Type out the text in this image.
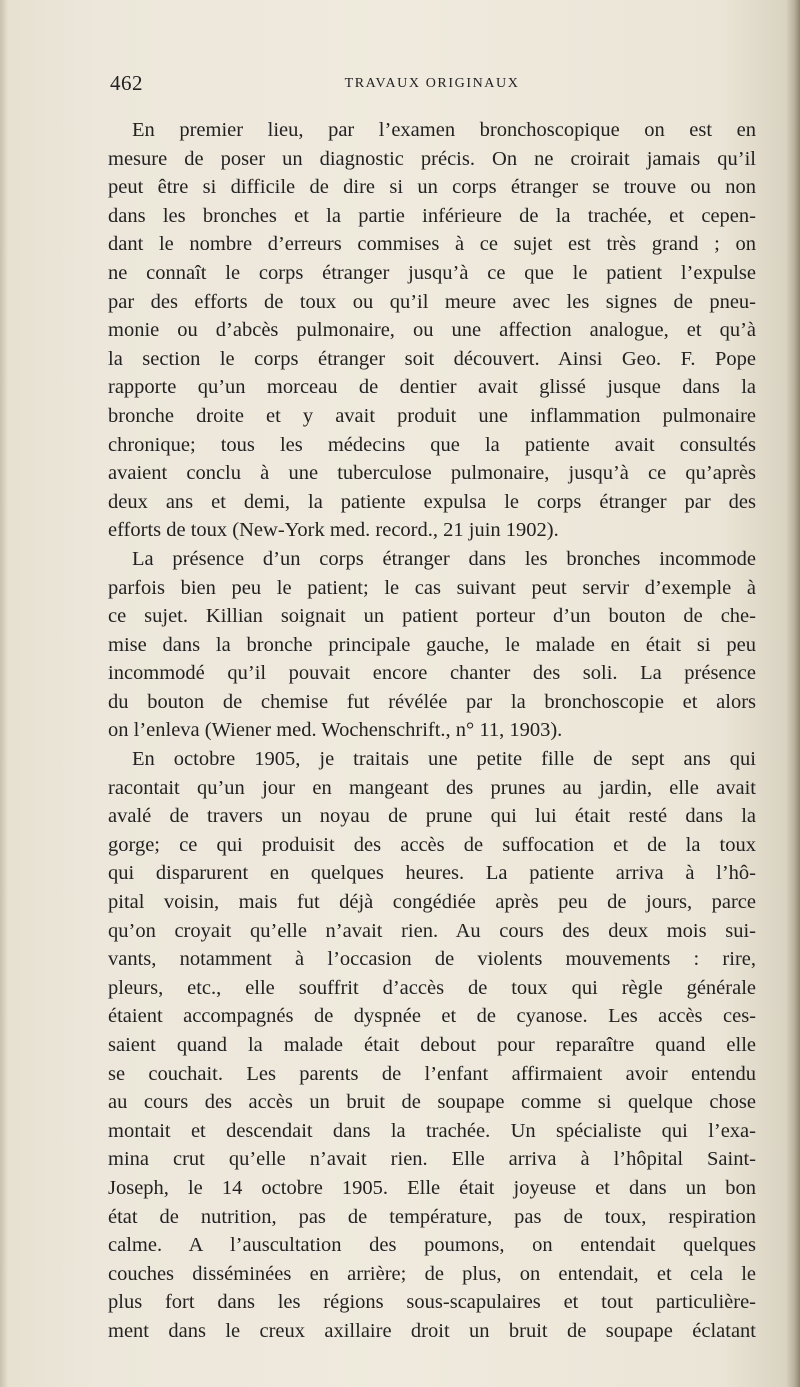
462	TRAVAUX ORIGINAUX
En premier lieu, par l’examen bronchoscopique on est en
mesure de poser un diagnostic précis. On ne croirait jamais qu’il
peut être si difficile de dire si un corps étranger se trouve ou non
dans les bronches et la partie inférieure de la trachée, et cepen-
dant le nombre d’erreurs commises à ce sujet est très grand ; on
ne connaît le corps étranger jusqu’à ce que le patient l’expulse
par des efforts de toux ou qu’il meure avec les signes de pneu-
monie ou d’abcès pulmonaire, ou une affection analogue, et qu’à
la section le corps étranger soit découvert. Ainsi Geo. F. Pope
rapporte qu’un morceau de dentier avait glissé jusque dans la
bronche droite et y avait produit une inflammation pulmonaire
chronique; tous les médecins que la patiente avait consultés
avaient conclu à une tuberculose pulmonaire, jusqu’à ce qu’après
deux ans et demi, la patiente expulsa le corps étranger par des
efforts de toux (New-York med. record., 21 juin 1902).
La présence d’un corps étranger dans les bronches incommode
parfois bien peu le patient; le cas suivant peut servir d’exemple à
ce sujet. Killian soignait un patient porteur d’un bouton de che-
mise dans la bronche principale gauche, le malade en était si peu
incommodé qu’il pouvait encore chanter des soli. La présence
du bouton de chemise fut révélée par la bronchoscopie et alors
on l’enleva (Wiener med. Wochenschrift., n° 11, 1903).
En octobre 1905, je traitais une petite fille de sept ans qui
racontait qu’un jour en mangeant des prunes au jardin, elle avait
avalé de travers un noyau de prune qui lui était resté dans la
gorge; ce qui produisit des accès de suffocation et de la toux
qui disparurent en quelques heures. La patiente arriva à l’hô-
pital voisin, mais fut déjà congédiée après peu de jours, parce
qu’on croyait qu’elle n’avait rien. Au cours des deux mois sui-
vants, notamment à l’occasion de violents mouvements : rire,
pleurs, etc., elle souffrit d’accès de toux qui règle générale
étaient accompagnés de dyspnée et de cyanose. Les accès ces-
saient quand la malade était debout pour reparaître quand elle
se couchait. Les parents de l’enfant affirmaient avoir entendu
au cours des accès un bruit de soupape comme si quelque chose
montait et descendait dans la trachée. Un spécialiste qui l’exa-
mina crut qu’elle n’avait rien. Elle arriva à l’hôpital Saint-
Joseph, le 14 octobre 1905. Elle était joyeuse et dans un bon
état de nutrition, pas de température, pas de toux, respiration
calme. A l’auscultation des poumons, on entendait quelques
couches disséminées en arrière; de plus, on entendait, et cela le
plus fort dans les régions sous-scapulaires et tout particulière-
ment dans le creux axillaire droit un bruit de soupape éclatant
